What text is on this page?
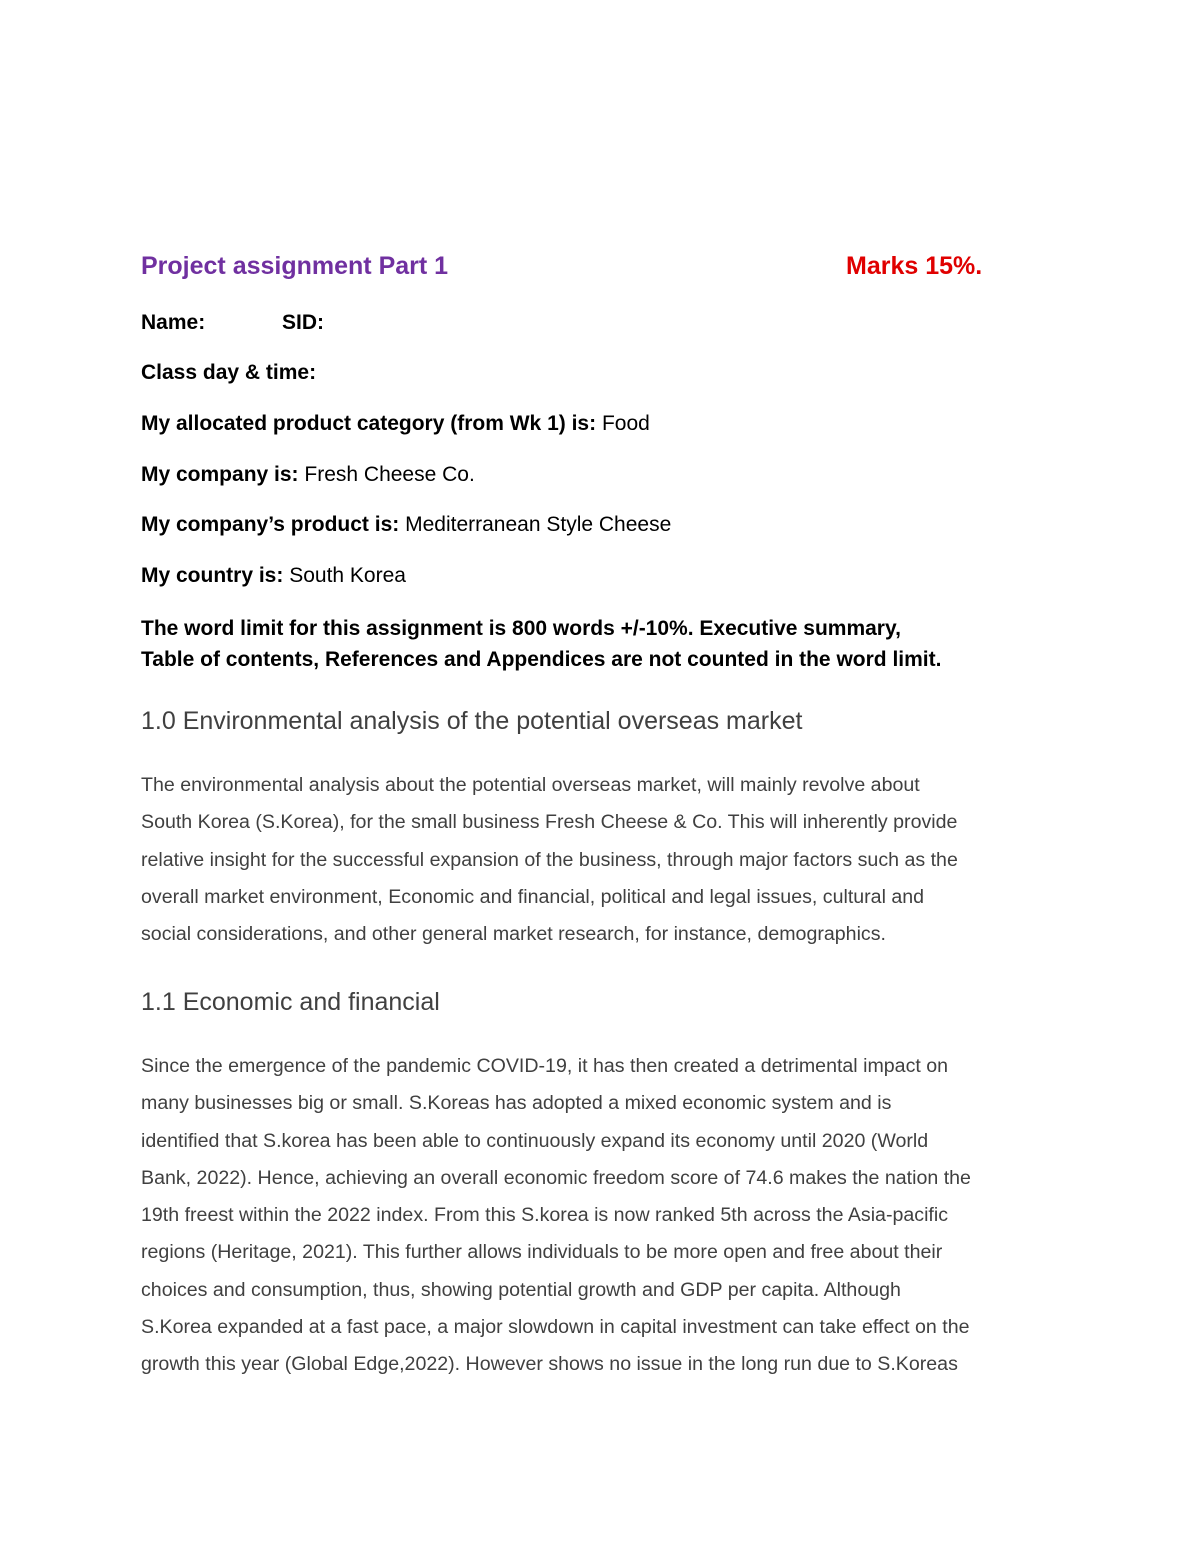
Project assignment Part 1	Marks 15%.
Name:	SID:
Class day & time:
My allocated product category (from Wk 1) is: Food
My company is: Fresh Cheese Co.
My company’s product is: Mediterranean Style Cheese
My country is: South Korea
The word limit for this assignment is 800 words +/-10%. Executive summary,
Table of contents, References and Appendices are not counted in the word limit.
1.0 Environmental analysis of the potential overseas market
The environmental analysis about the potential overseas market, will mainly revolve about
South Korea (S.Korea), for the small business Fresh Cheese & Co. This will inherently provide
relative insight for the successful expansion of the business, through major factors such as the
overall market environment, Economic and financial, political and legal issues, cultural and
social considerations, and other general market research, for instance, demographics.
1.1 Economic and financial
Since the emergence of the pandemic COVID-19, it has then created a detrimental impact on
many businesses big or small. S.Koreas has adopted a mixed economic system and is
identified that S.korea has been able to continuously expand its economy until 2020 (World
Bank, 2022). Hence, achieving an overall economic freedom score of 74.6 makes the nation the
19th freest within the 2022 index. From this S.korea is now ranked 5th across the Asia-pacific
regions (Heritage, 2021). This further allows individuals to be more open and free about their
choices and consumption, thus, showing potential growth and GDP per capita. Although
S.Korea expanded at a fast pace, a major slowdown in capital investment can take effect on the
growth this year (Global Edge,2022). However shows no issue in the long run due to S.Koreas
